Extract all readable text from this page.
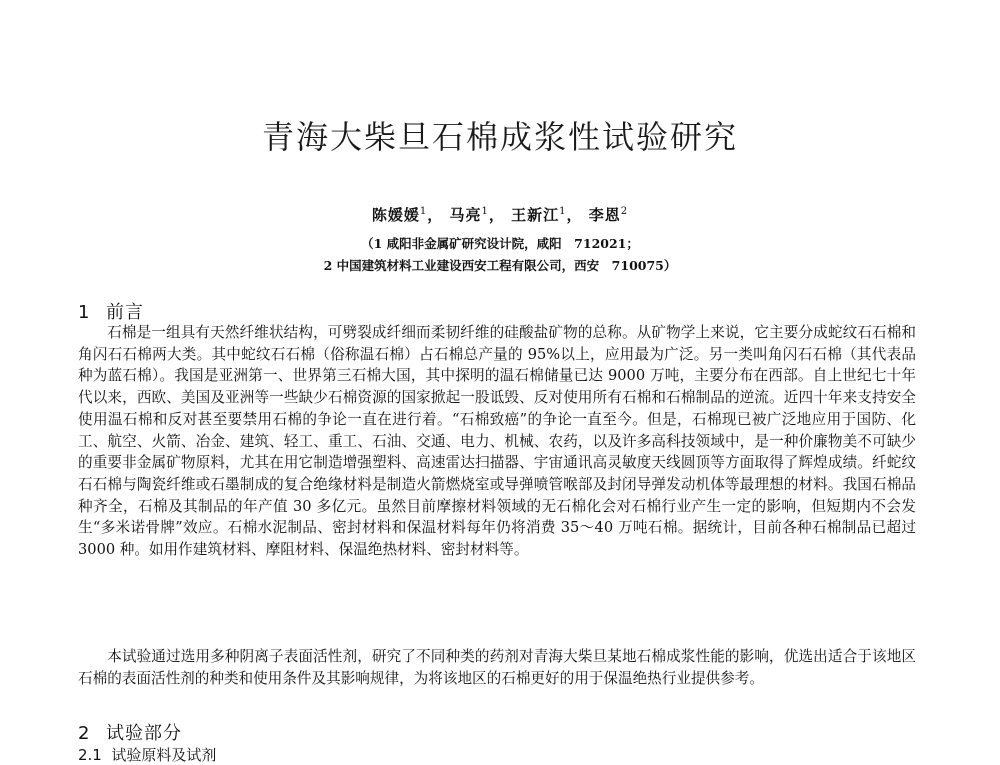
青海大柴旦石棉成浆性试验研究
陈媛媛$^1$， 马亮$^1$， 王新江$^1$， 李恩$^2$
（1 咸阳非金属矿研究设计院，咸阳　712021；
2 中国建筑材料工业建设西安工程有限公司，西安　710075）
1 前言
石棉是一组具有天然纤维状结构，可劈裂成纤细而柔韧纤维的硅酸盐矿物的总称。从矿物学上来说，它主要分成蛇纹石石棉和角闪石石棉两大类。其中蛇纹石石棉（俗称温石棉）占石棉总产量的 95%以上，应用最为广泛。另一类叫角闪石石棉（其代表品种为蓝石棉）。我国是亚洲第一、世界第三石棉大国，其中探明的温石棉储量已达 9000 万吨，主要分布在西部。自上世纪七十年代以来，西欧、美国及亚洲等一些缺少石棉资源的国家掀起一股诋毁、反对使用所有石棉和石棉制品的逆流。近四十年来支持安全使用温石棉和反对甚至要禁用石棉的争论一直在进行着。“石棉致癌”的争论一直至今。但是，石棉现已被广泛地应用于国防、化工、航空、火箭、冶金、建筑、轻工、重工、石油、交通、电力、机械、农药，以及许多高科技领域中，是一种价廉物美不可缺少的重要非金属矿物原料，尤其在用它制造增强塑料、高速雷达扫描器、宇宙通讯高灵敏度天线圆顶等方面取得了辉煌成绩。纤蛇纹石石棉与陶瓷纤维或石墨制成的复合绝缘材料是制造火箭燃烧室或导弹喷管喉部及封闭导弹发动机体等最理想的材料。我国石棉品种齐全，石棉及其制品的年产值 30 多亿元。虽然目前摩擦材料领域的无石棉化会对石棉行业产生一定的影响，但短期内不会发生“多米诺骨牌”效应。石棉水泥制品、密封材料和保温材料每年仍将消费 35～40 万吨石棉。据统计，目前各种石棉制品已超过 3000 种。如用作建筑材料、摩阻材料、保温绝热材料、密封材料等。
本试验通过选用多种阴离子表面活性剂，研究了不同种类的药剂对青海大柴旦某地石棉成浆性能的影响，优选出适合于该地区石棉的表面活性剂的种类和使用条件及其影响规律，为将该地区的石棉更好的用于保温绝热行业提供参考。
2 试验部分
2.1 试验原料及试剂
